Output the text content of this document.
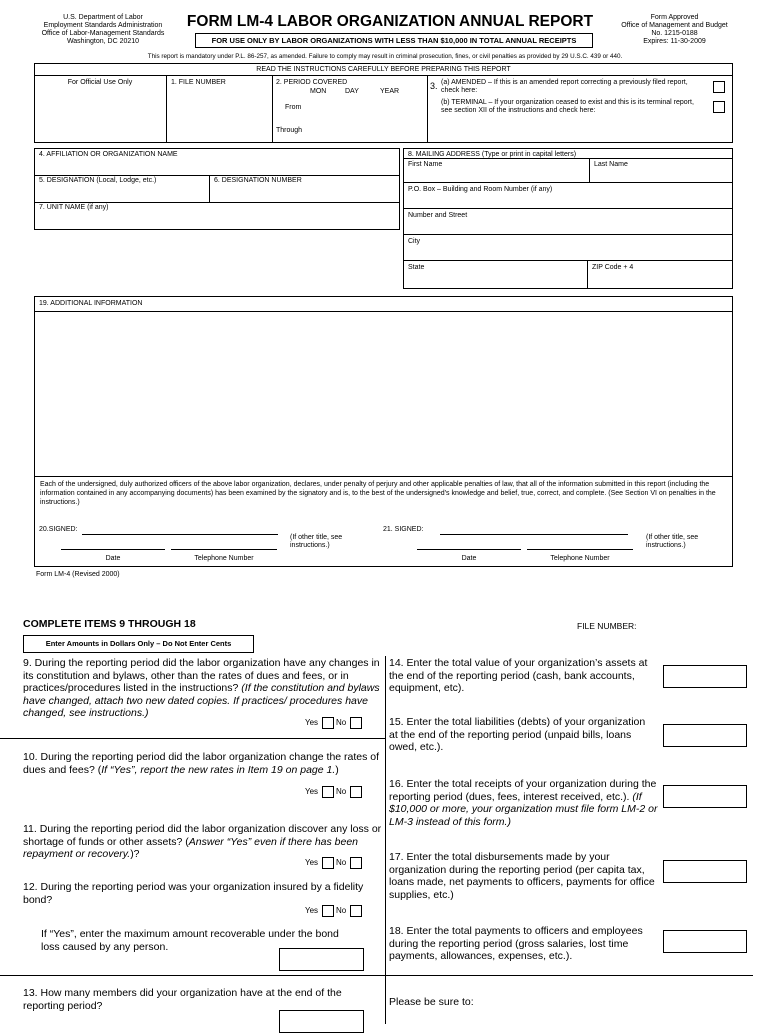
U.S. Department of Labor
Employment Standards Administration
Office of Labor-Management Standards
Washington, DC 20210
FORM LM-4 LABOR ORGANIZATION ANNUAL REPORT
FOR USE ONLY BY LABOR ORGANIZATIONS WITH LESS THAN $10,000 IN TOTAL ANNUAL RECEIPTS
Form Approved
Office of Management and Budget
No. 1215-0188
Expires: 11-30-2009
This report is mandatory under P.L. 86-257, as amended. Failure to comply may result in criminal prosecution, fines, or civil penalties as provided by 29 U.S.C. 439 or 440.
READ THE INSTRUCTIONS CAREFULLY BEFORE PREPARING THIS REPORT
For Official Use Only	1. FILE NUMBER	2. PERIOD COVERED
MON	DAY	YEAR
From
Through
3. (a) AMENDED – If this is an amended report correcting a previously filed report, check here:
(b) TERMINAL – If your organization ceased to exist and this is its terminal report, see section XII of the instructions and check here:
4. AFFILIATION OR ORGANIZATION NAME
5. DESIGNATION (Local, Lodge, etc.)	6. DESIGNATION NUMBER
7. UNIT NAME (if any)
8. MAILING ADDRESS (Type or print in capital letters)
First Name	Last Name
P.O. Box – Building and Room Number (if any)
Number and Street
City
State	ZIP Code + 4
19. ADDITIONAL INFORMATION
Each of the undersigned, duly authorized officers of the above labor organization, declares, under penalty of perjury and other applicable penalties of law, that all of the information submitted in this report (including the information contained in any accompanying documents) has been examined by the signatory and is, to the best of the undersigned's knowledge and belief, true, correct, and complete. (See Section VI on penalties in the instructions.)
20.SIGNED:
(If other title, see instructions.)
Date	Telephone Number
21. SIGNED:
(If other title, see instructions.)
Date	Telephone Number
Form LM-4 (Revised 2000)
COMPLETE ITEMS 9 THROUGH 18	FILE NUMBER:
Enter Amounts in Dollars Only – Do Not Enter Cents
9. During the reporting period did the labor organization have any changes in its constitution and bylaws, other than the rates of dues and fees, or in practices/procedures listed in the instructions? (If the constitution and bylaws have changed, attach two new dated copies. If practices/ procedures have changed, see instructions.)
Yes No
10. During the reporting period did the labor organization change the rates of dues and fees? (If “Yes”, report the new rates in Item 19 on page 1.)
Yes No
11. During the reporting period did the labor organization discover any loss or shortage of funds or other assets? (Answer “Yes” even if there has been repayment or recovery.)?
Yes No
12. During the reporting period was your organization insured by a fidelity bond?
Yes No
If “Yes”, enter the maximum amount recoverable under the bond loss caused by any person.
13. How many members did your organization have at the end of the reporting period?
14. Enter the total value of your organization’s assets at the end of the reporting period (cash, bank accounts, equipment, etc).
15. Enter the total liabilities (debts) of your organization at the end of the reporting period (unpaid bills, loans owed, etc.).
16. Enter the total receipts of your organization during the reporting period (dues, fees, interest received, etc.). (If $10,000 or more, your organization must file form LM-2 or LM-3 instead of this form.)
17. Enter the total disbursements made by your organization during the reporting period (per capita tax, loans made, net payments to officers, payments for office supplies, etc.)
18. Enter the total payments to officers and employees during the reporting period (gross salaries, lost time payments, allowances, expenses, etc.).
Please be sure to:
